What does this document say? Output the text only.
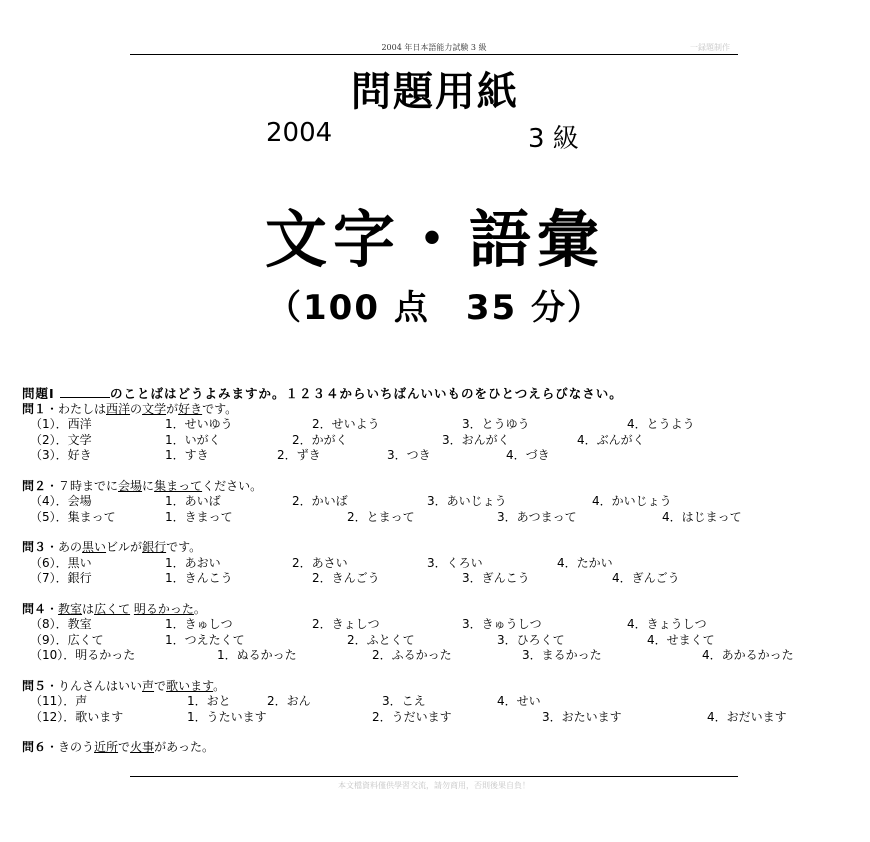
2004 年日本語能力試験 3 級	一録題制作
問題用紙
2004	3 級
文字・語彙
（100 点　35 分）
問題Ⅰ	のことばはどうよみますか。１２３４からいちばんいいものをひとつえらびなさい。
問１・わたしは西洋の文学が好きです。
（1）．西洋	1．せいゆう	2．せいよう	3．とうゆう	4．とうよう
（2）．文学	1．いがく	2．かがく	3．おんがく	4．ぶんがく
（3）．好き	1．すき	2．ずき	3．つき	4．づき
問２・７時までに会場に集まってください。
（4）．会場	1．あいば	2．かいば	3．あいじょう	4．かいじょう
（5）．集まって	1．きまって	2．とまって	3．あつまって	4．はじまって
問３・あの黒いビルが銀行です。
（6）．黒い	1．あおい	2．あさい	3．くろい	4．たかい
（7）．銀行	1．きんこう	2．きんごう	3．ぎんこう	4．ぎんごう
問４・教室は広くて 明るかった。
（8）．教室	1．きゅしつ	2．きょしつ	3．きゅうしつ	4．きょうしつ
（9）．広くて	1．つえたくて	2．ふとくて	3．ひろくて	4．せまくて
（10）．明るかった	1．ぬるかった	2．ふるかった	3．まるかった	4．あかるかった
問５・りんさんはいい声で歌います。
（11）．声	1．おと	2．おん	3．こえ	4．せい
（12）．歌います	1．うたいます	2．うだいます	3．おたいます	4．おだいます
問６・きのう近所で火事があった。
本文檔資料僅供學習交流，請勿商用，否則後果自負！
